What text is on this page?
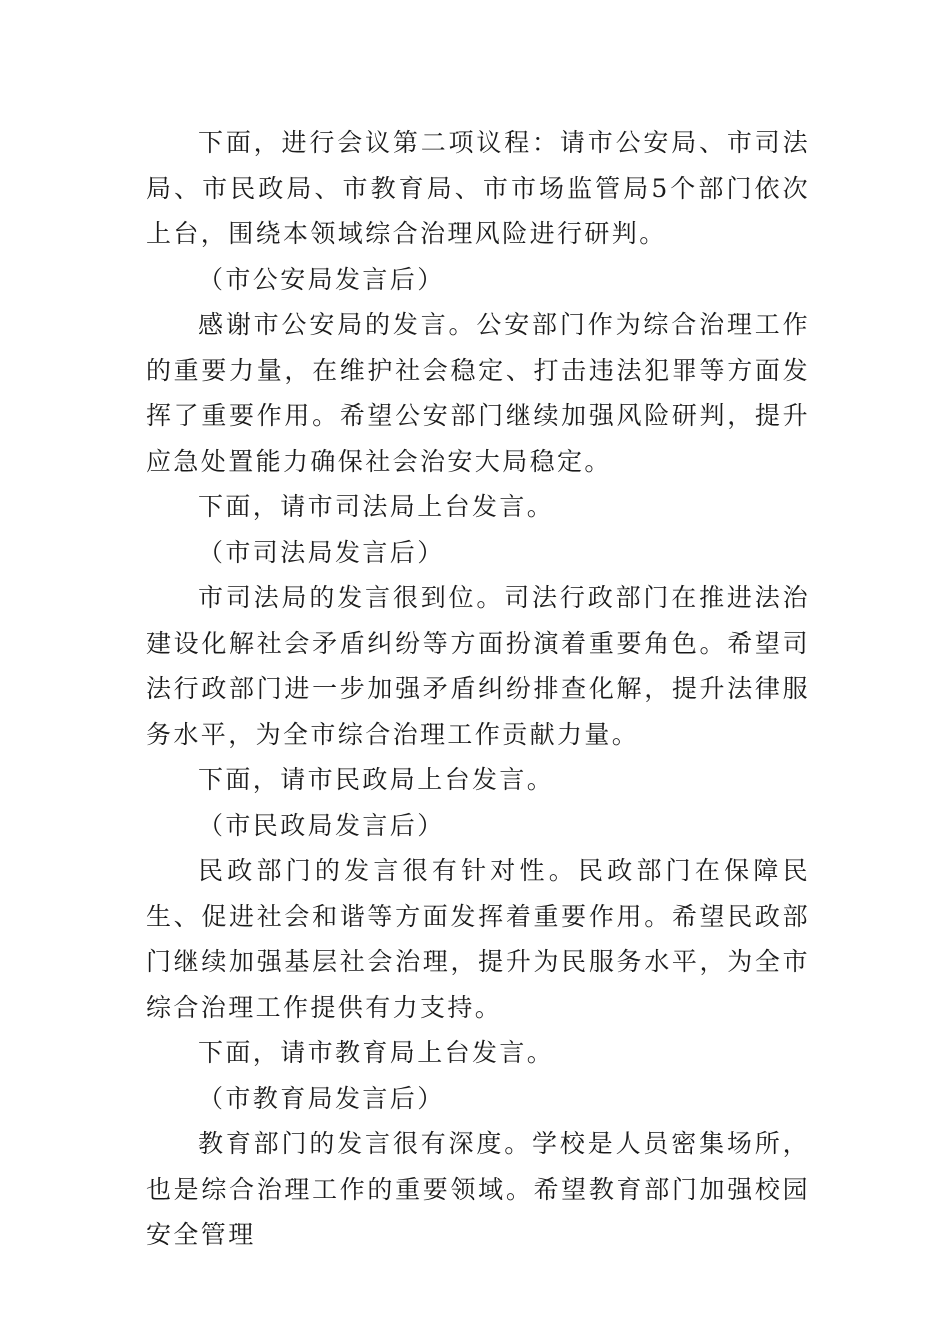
下面，进行会议第二项议程：请市公安局、市司法局、市民政局、市教育局、市市场监管局5个部门依次上台，围绕本领域综合治理风险进行研判。

（市公安局发言后）

感谢市公安局的发言。公安部门作为综合治理工作的重要力量，在维护社会稳定、打击违法犯罪等方面发挥了重要作用。希望公安部门继续加强风险研判，提升应急处置能力确保社会治安大局稳定。

下面，请市司法局上台发言。

（市司法局发言后）

市司法局的发言很到位。司法行政部门在推进法治建设化解社会矛盾纠纷等方面扮演着重要角色。希望司法行政部门进一步加强矛盾纠纷排查化解，提升法律服务水平，为全市综合治理工作贡献力量。

下面，请市民政局上台发言。

（市民政局发言后）

民政部门的发言很有针对性。民政部门在保障民生、促进社会和谐等方面发挥着重要作用。希望民政部门继续加强基层社会治理，提升为民服务水平，为全市综合治理工作提供有力支持。

下面，请市教育局上台发言。

（市教育局发言后）

教育部门的发言很有深度。学校是人员密集场所，也是综合治理工作的重要领域。希望教育部门加强校园安全管理
